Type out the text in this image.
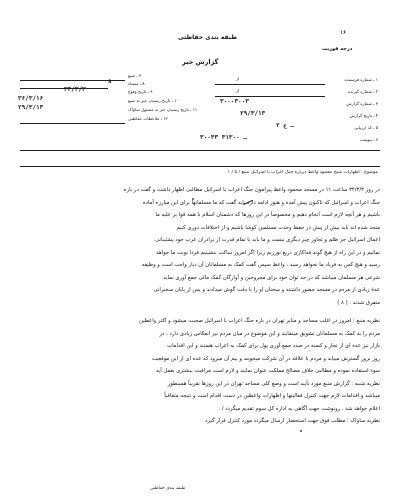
طبقه بندی حفاظتی
درجه فوریت
گزارش خبر
۱ ـ شماره فرستنده
از
۲ ـ شماره گیرنده
از
۳ ـ شماره گزارش
۳۰۰۰۳۰۰۳
۴ ـ تاریخ گزارش
۲۹/۳/۱۳
۵ ـ کد ارزیابی
۲ ـ ج
۶ ـ پیوست
۳۰۰۴۳ ـ ۳۱۳۰۰
۷ ـ منبع
۸ ـ منشاء
۸
۹ ـ تاریخ وقوع
۳۴/۳/۳
۱۰ ـ تاریخ رسیدن خبر به منبع
۳۶/۳/۱۶
۱۱ ـ تاریخ رسیدن خبر به مسئول ساواک
۲۹/۳/۱۳
۱۲ ـ ملاحظات حفاظتی
موضوع : اظهارات شیخ محمود واعظ درباره جنگ اعراب با اسرائیل منبع / ۵ / ۱
در روز ۳۴/۳/۳ ساعت ۱۱ در مسجد محمود واعظ پیرامون جنگ اعراب با اسرائیل مطالبی اظهار داشت و گفت در باره
جنگ اعراب و اسرائیل که تاکنون پیش آمده و هنوز ادامه دارد باید گفت که ما مسلمانها برای این مبارزه آماده
باشیم و هر آنچه لازم است انجام دهیم و مخصوصاً در این روزها که دشمنان اسلام با همه قوا بر علیه ما
متحد شده اند باید بیش از پیش در حفظ وحدت مسلمین کوشا باشیم و از اختلافات دوری کنیم
اعمال اسرائیل جز ظلم و تجاوز چیز دیگری نیست و ما باید با تمام قدرت از برادران عرب خود پشتیبانی
نمائیم و در این راه از هیچ گونه فداکاری دریغ نورزیم زیرا اگر امروز ساکت بنشینیم فردا نوبت ما خواهد
رسید و هیچ کس به فریاد ما نخواهد رسید ، واعظ سپس گفت کمک به مسلمانان آن دیار واجب است و وظیفه
شرعی هر مسلمان میباشد که در حد توان خود برای مجروحین و آوارگان کمک مالی جمع آوری نماید
عدهٔ زیادی از مردم در مسجد حضور داشتند و سخنان او را با دقت گوش میدادند و پس از پایان سخنرانی
متفرق شدند . ( ۸ )
نظریه منبع : امروز در اغلب مساجد و منابر تهران در باره جنگ اعراب با اسرائیل صحبت میشود و اکثر واعظین
مردم را به کمک به مسلمانان تشویق مینمایند و این موضوع در میان مردم نیز انعکاس زیادی دارد ، در
بازار نیز عده ای از تجار و کسبه در صدد جمع آوری پول برای کمک به اعراب هستند و این اقدامات
روز بروز گسترش مییابد و مردم با علاقه در آن شرکت میجویند و بیم آن میرود که عده ای از این موقعیت
سوء استفاده نموده و مطالبی خلاف مصالح مملکت عنوان نمایند و لازم است مراقبت بیشتری بعمل آید
نظریه شنبه : گزارش منبع مورد تأیید است و وضع کلی مساجد تهران در این روزها تقریباً همینطور
میباشد و اقدامات لازم جهت کنترل فعالیتها و اظهارات واعظین در دست اقدام است و نتیجه متعاقباً
اعلام خواهد شد . رونوشت جهت آگاهی به اداره کل سوم تقدیم میگردد / .
نظریه ساواک : مطلب فوق جهت استحضار ارسال میگردد مورد کنترل قرار گیرد
طبقه بندی حفاظتی
۱۶
